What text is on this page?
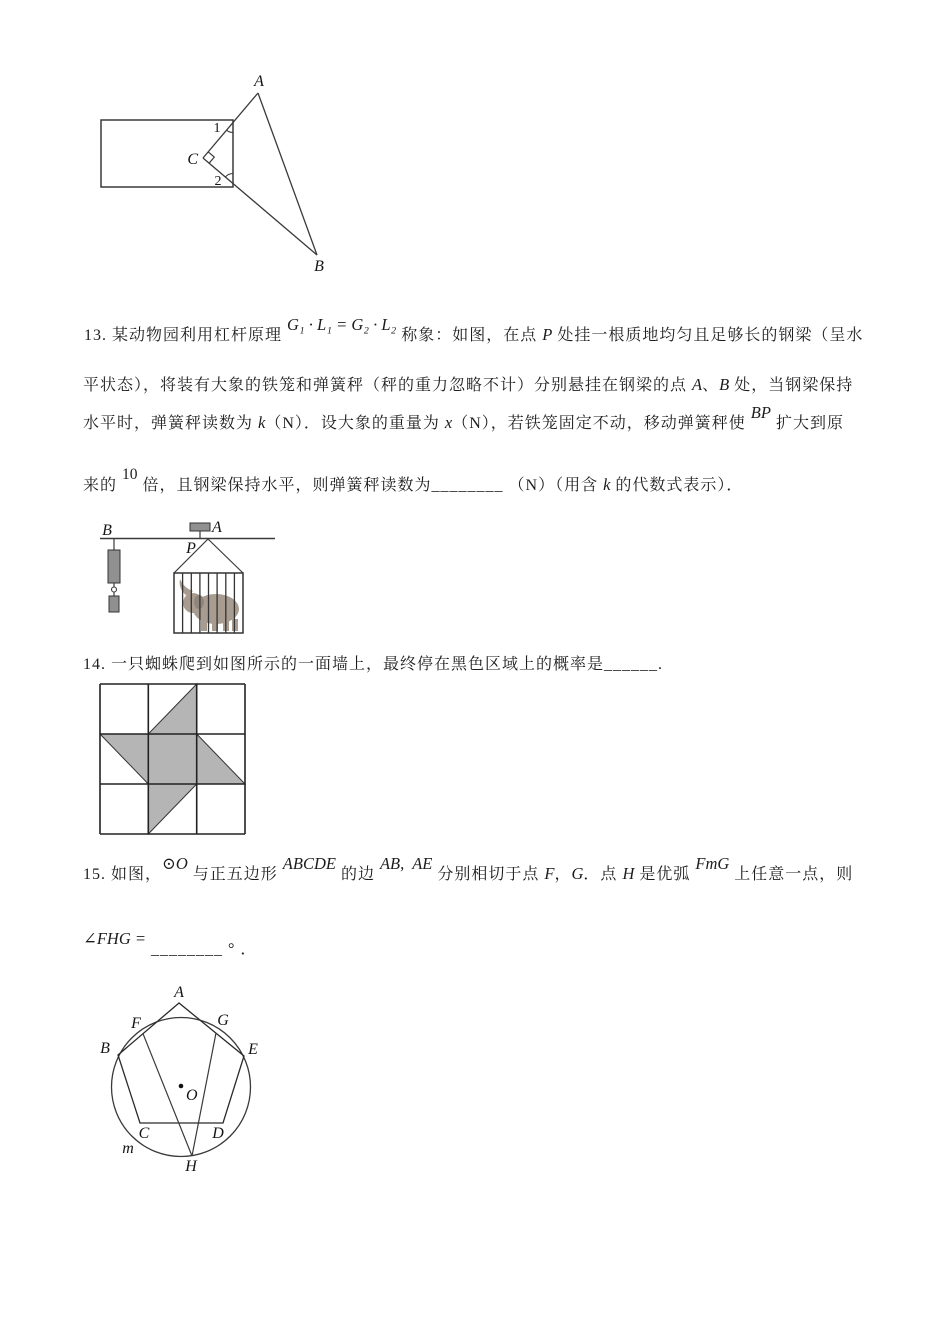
A
B
C
1
2
13. 某动物园利用杠杆原理 G₁ · L₁ = G₂ · L₂ 称象：如图，在点 P 处挂一根质地均匀且足够长的钢梁（呈水
平状态），将装有大象的铁笼和弹簧秤（秤的重力忽略不计）分别悬挂在钢梁的点 A、B 处，当钢梁保持
水平时，弹簧秤读数为 k（N）．设大象的重量为 x（N），若铁笼固定不动，移动弹簧秤使 BP 扩大到原
来的 10 倍，且钢梁保持水平，则弹簧秤读数为________ （N）（用含 k 的代数式表示）．
B	A
P
14. 一只蜘蛛爬到如图所示的一面墙上，最终停在黑色区域上的概率是______.
15. 如图，⊙O 与正五边形 ABCDE 的边 AB,  AE 分别相切于点 F，G．点 H 是优弧 FmG 上任意一点，则
∠FHG = ________ ° ．
A
B
C	D
E
F	G
H
O
m
